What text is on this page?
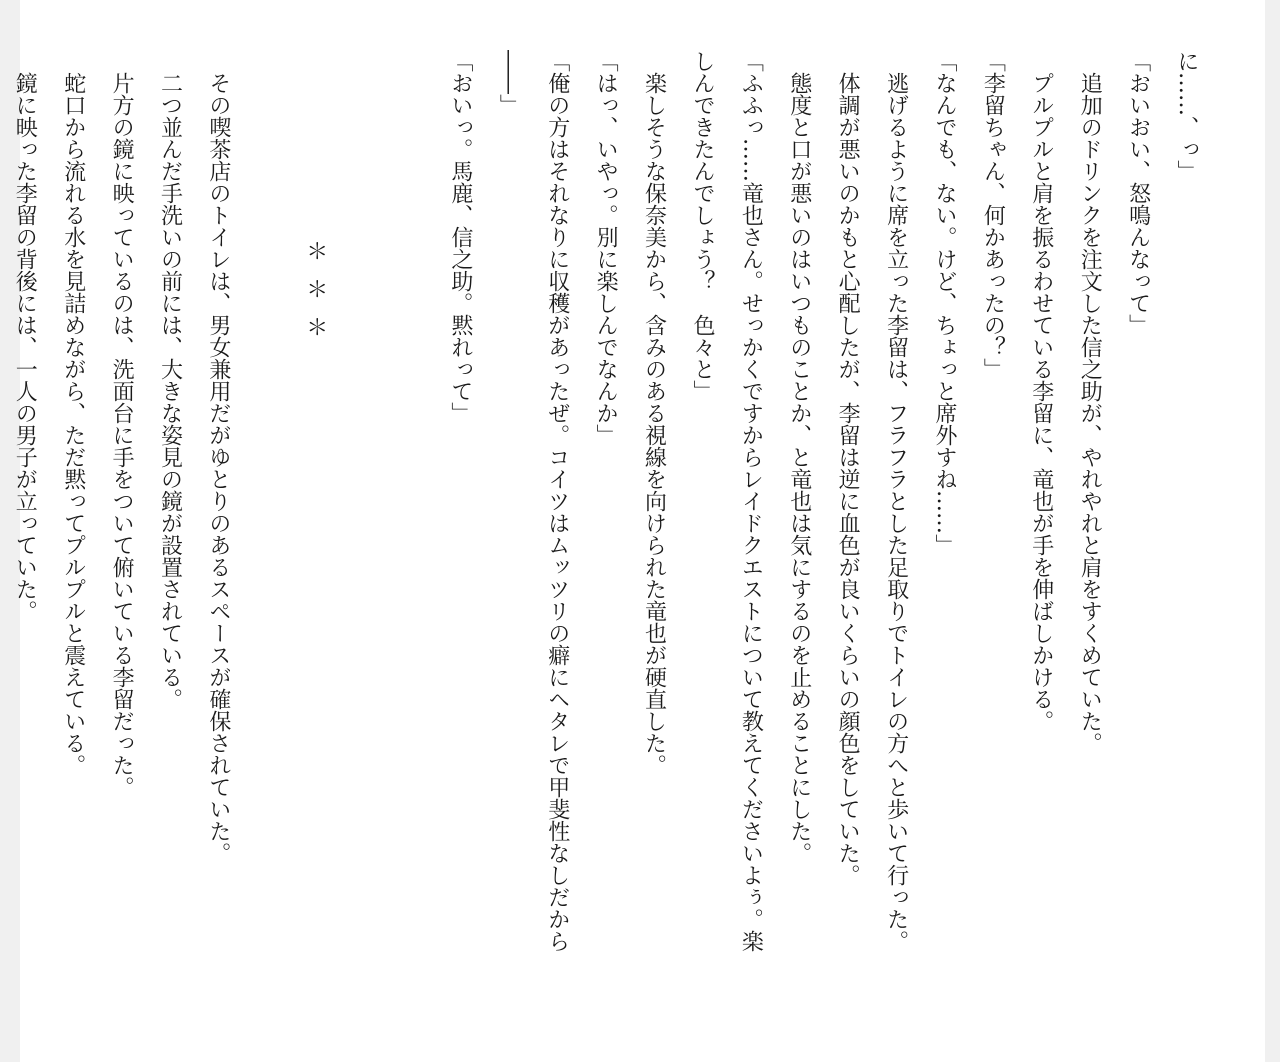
に……、っ」
「おいおい、怒鳴んなって」
　追加のドリンクを注文した信之助が、やれやれと肩をすくめていた。
　プルプルと肩を振るわせている李留に、竜也が手を伸ばしかける。
「李留ちゃん、何かあったの？」
「なんでも、ない。けど、ちょっと席外すね……」
　逃げるように席を立った李留は、フラフラとした足取りでトイレの方へと歩いて行った。
　体調が悪いのかもと心配したが、李留は逆に血色が良いくらいの顔色をしていた。
　態度と口が悪いのはいつものことか、と竜也は気にするのを止めることにした。
「ふふっ……竜也さん。せっかくですからレイドクエストについて教えてくださいよぅ。楽
しんできたんでしょう？　色々と」
　楽しそうな保奈美から、含みのある視線を向けられた竜也が硬直した。
「はっ、いやっ。別に楽しんでなんか」
「俺の方はそれなりに収穫があったぜ。コイツはムッツリの癖にヘタレで甲斐性なしだから
――」
「おいっ。馬鹿、信之助。黙れって」
＊＊＊
　その喫茶店のトイレは、男女兼用だがゆとりのあるスペースが確保されていた。
　二つ並んだ手洗いの前には、大きな姿見の鏡が設置されている。
　片方の鏡に映っているのは、洗面台に手をついて俯いている李留だった。
　蛇口から流れる水を見詰めながら、ただ黙ってプルプルと震えている。
　鏡に映った李留の背後には、一人の男子が立っていた。
